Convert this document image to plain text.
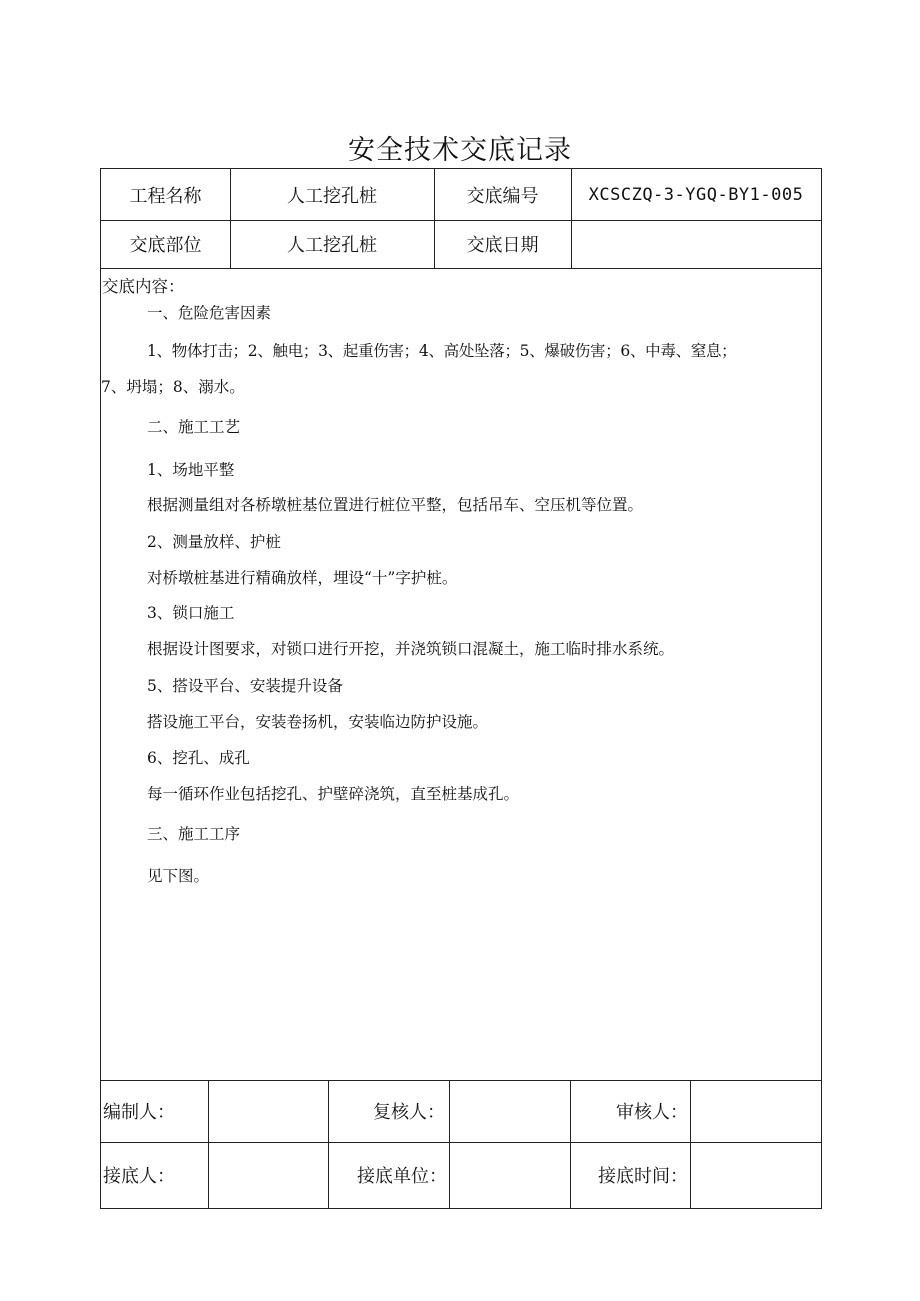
安全技术交底记录
工程名称	人工挖孔桩	交底编号	XCSCZQ-3-YGQ-BY1-005
交底部位	人工挖孔桩	交底日期
交底内容：
一、危险危害因素
1、物体打击；2、触电；3、起重伤害；4、高处坠落；5、爆破伤害；6、中毒、窒息；
7、坍塌；8、溺水。
二、施工工艺
1、场地平整
根据测量组对各桥墩桩基位置进行桩位平整，包括吊车、空压机等位置。
2、测量放样、护桩
对桥墩桩基进行精确放样，埋设“十”字护桩。
3、锁口施工
根据设计图要求，对锁口进行开挖，并浇筑锁口混凝土，施工临时排水系统。
5、搭设平台、安装提升设备
搭设施工平台，安装卷扬机，安装临边防护设施。
6、挖孔、成孔
每一循环作业包括挖孔、护壁碎浇筑，直至桩基成孔。
三、施工工序
见下图。
编制人：	复核人：	审核人：
接底人：	接底单位：	接底时间：
